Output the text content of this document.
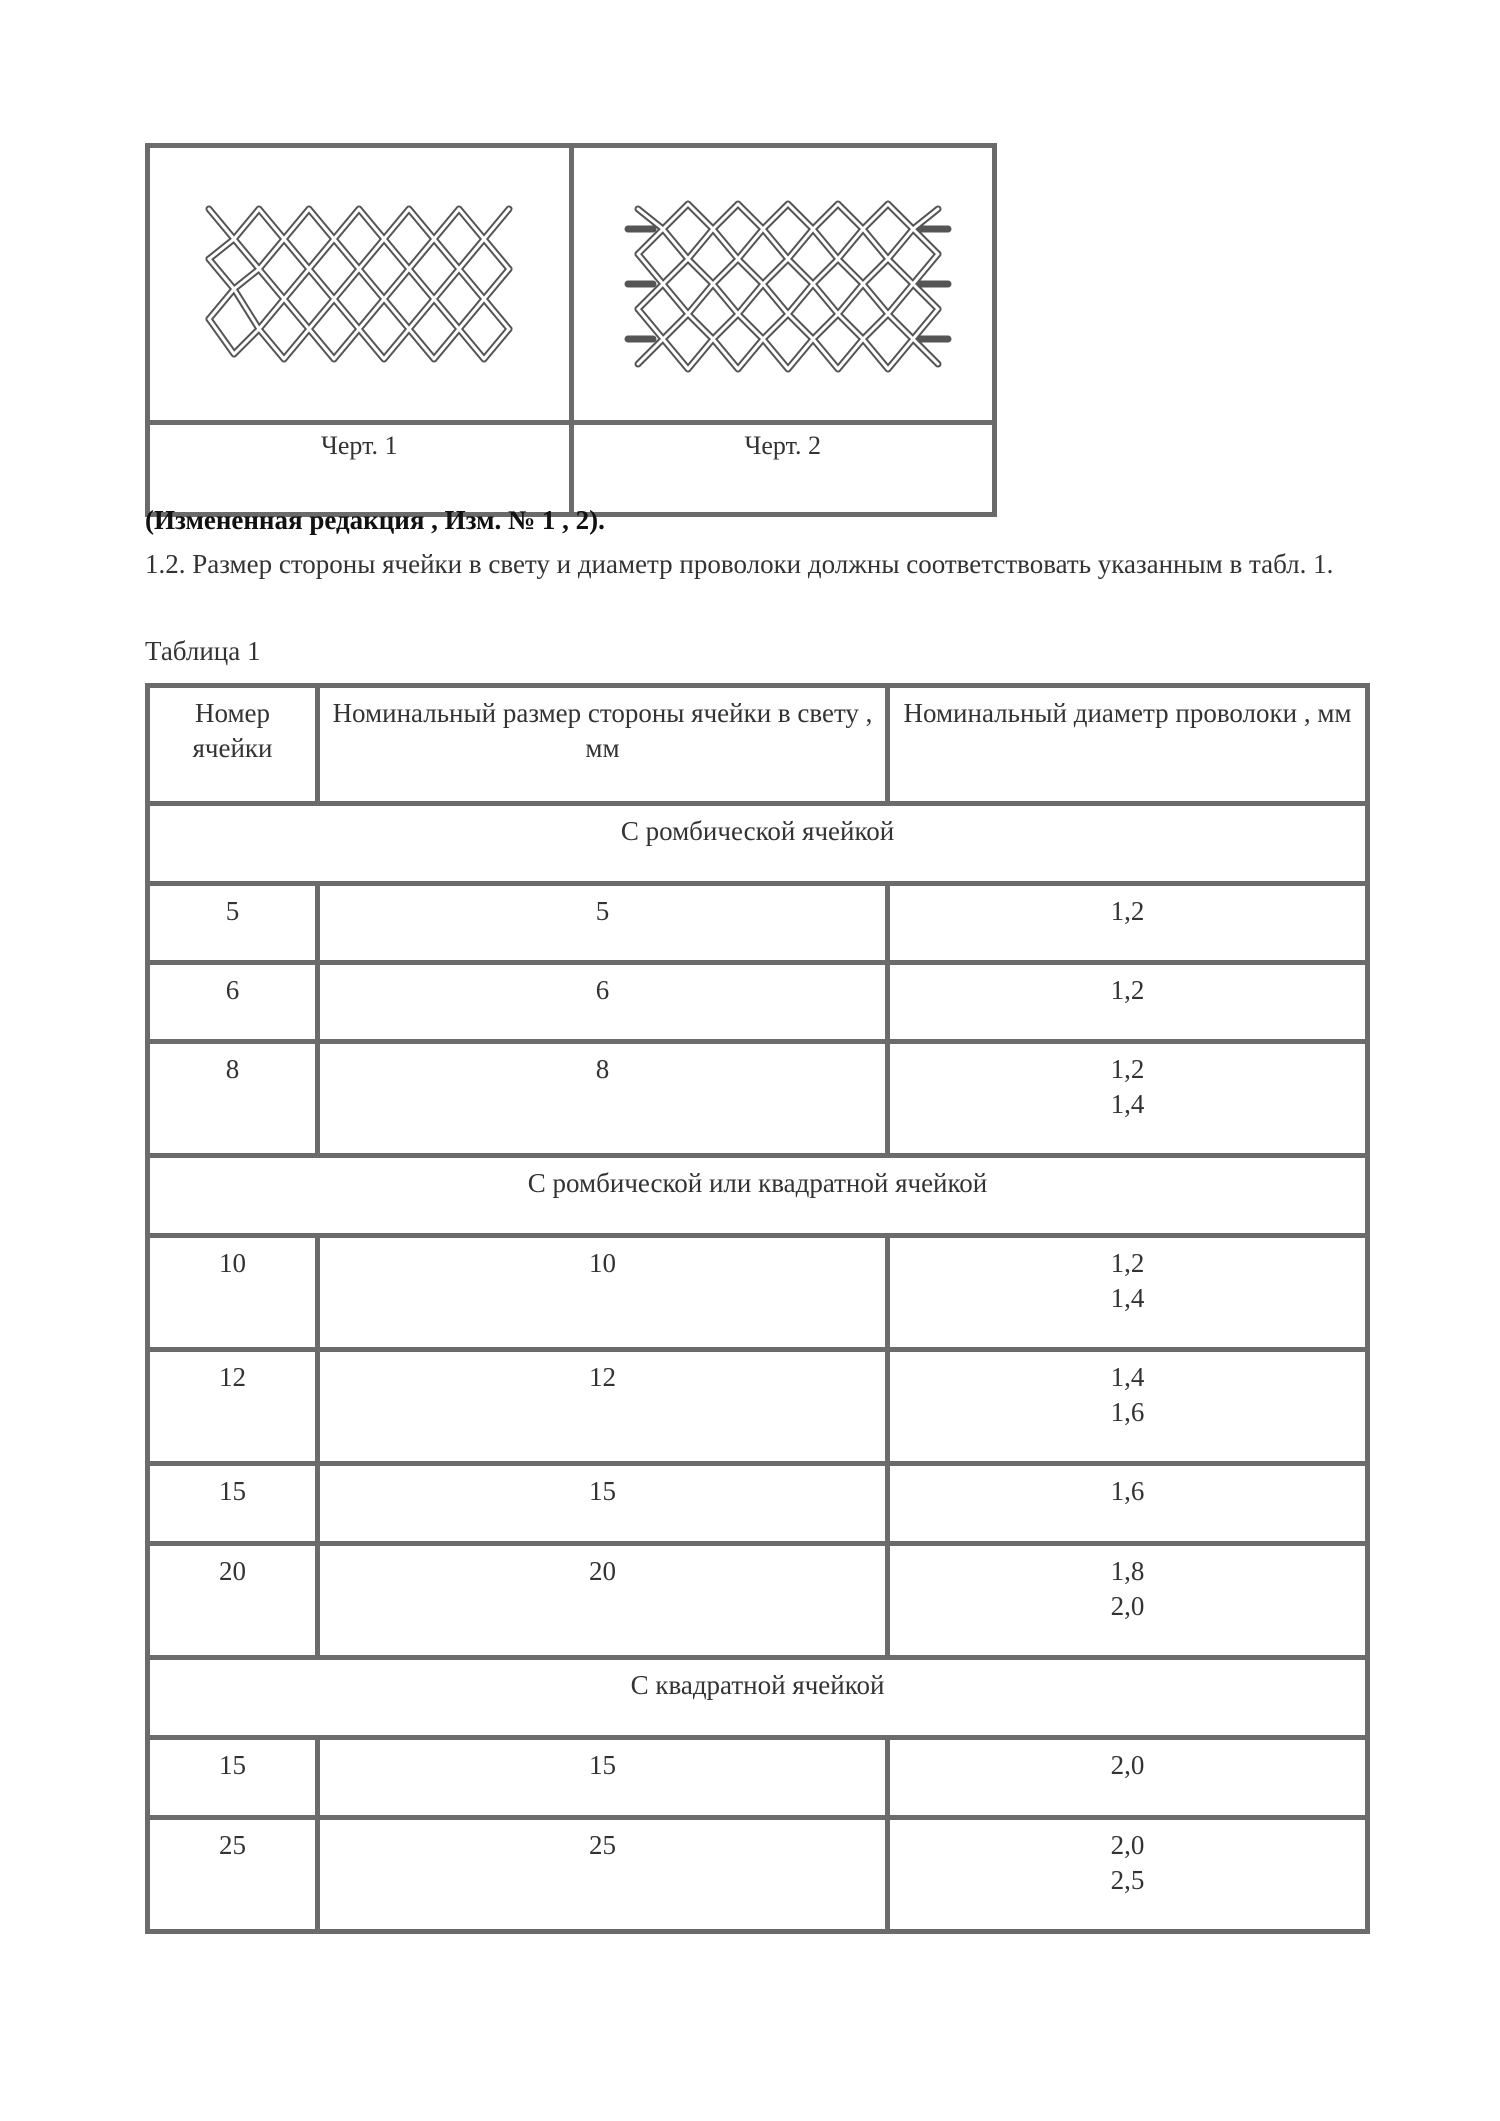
Черт. 1	Черт. 2
(Измененная редакция , Изм. № 1 , 2).
1.2. Размер стороны ячейки в свету и диаметр проволоки должны соответствовать указанным в табл. 1.
Таблица 1
Номер ячейки	Номинальный размер стороны ячейки в свету , мм	Номинальный диаметр проволоки , мм
С ромбической ячейкой		
5	5	1,2

6	6	1,2

8	8	1,2
1,4

С ромбической или квадратной ячейкой		
10	10	1,2
1,4

12	12	1,4
1,6

15	15	1,6

20	20	1,8
2,0

С квадратной ячейкой		
15	15	2,0

25	25	2,0
2,5
